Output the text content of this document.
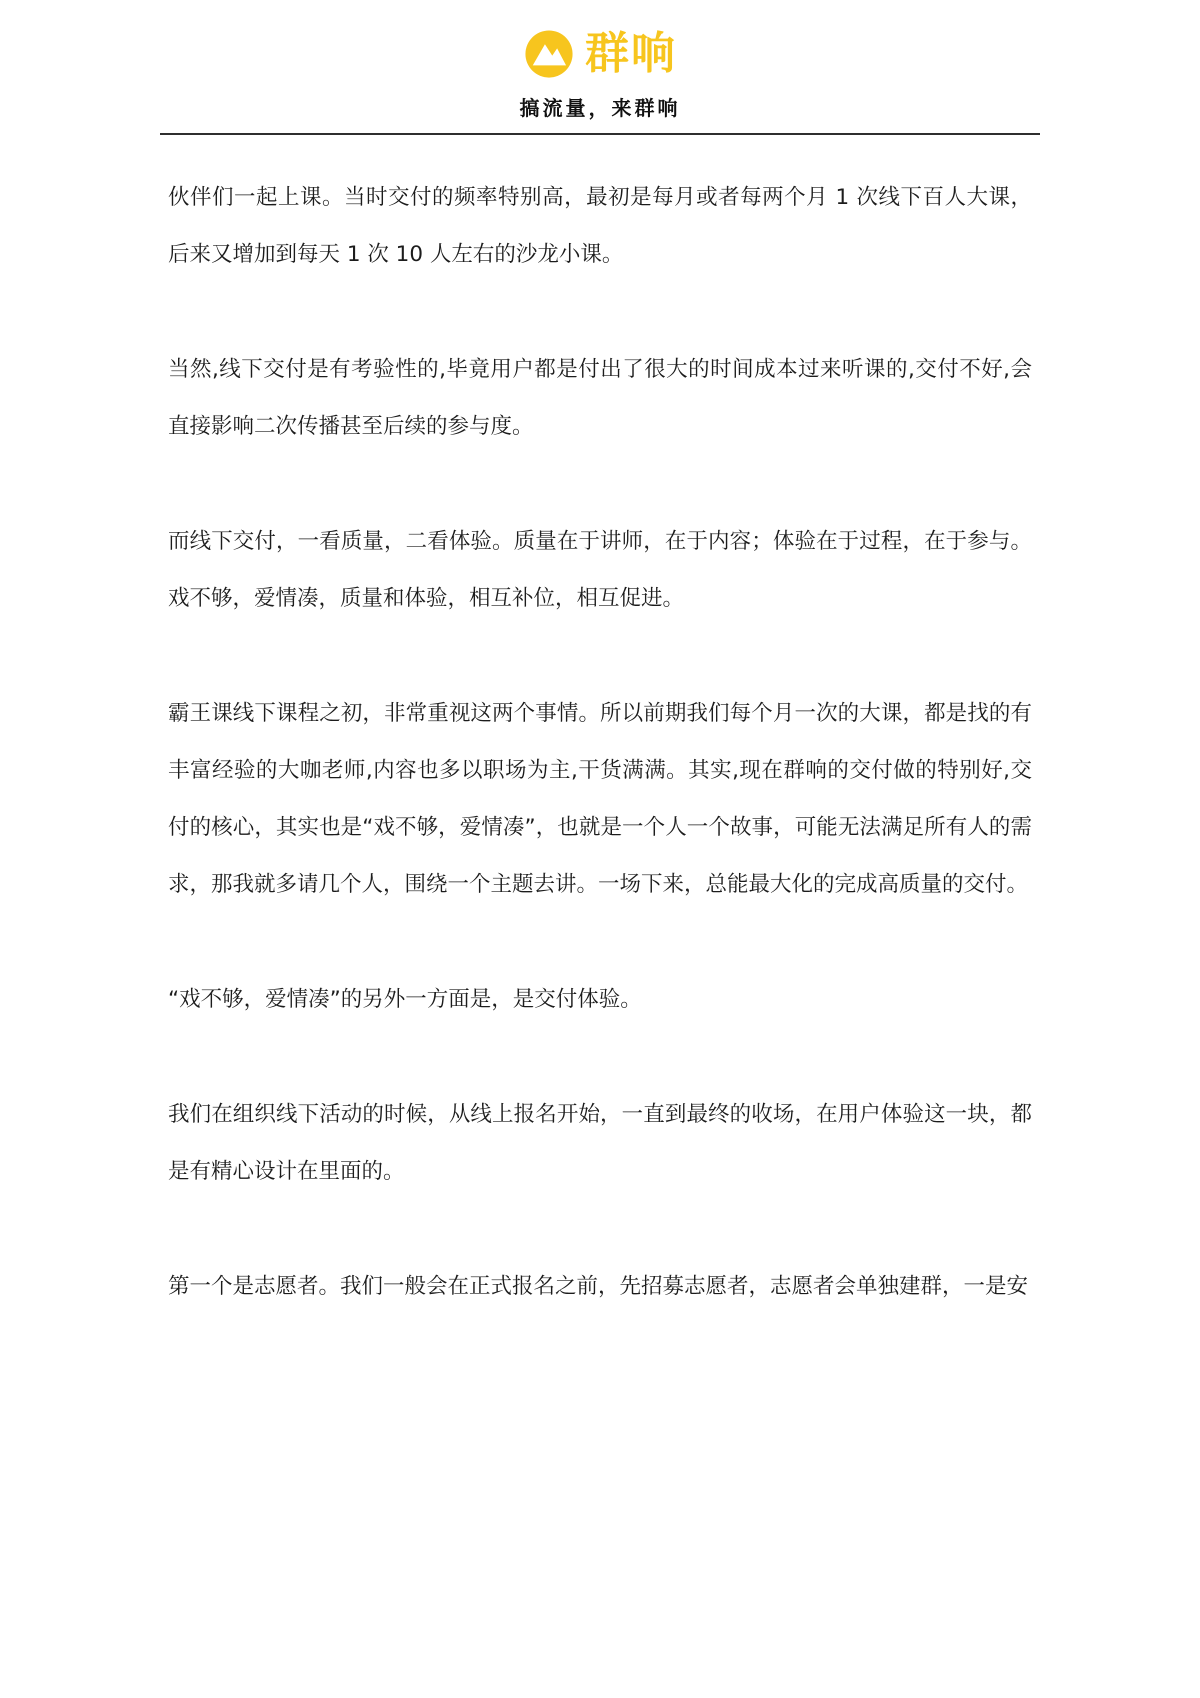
群响
搞流量，来群响

伙伴们一起上课。当时交付的频率特别高，最初是每月或者每两个月 1 次线下百人大课，后来又增加到每天 1 次 10 人左右的沙龙小课。

当然,线下交付是有考验性的,毕竟用户都是付出了很大的时间成本过来听课的,交付不好,会直接影响二次传播甚至后续的参与度。

而线下交付，一看质量，二看体验。质量在于讲师，在于内容；体验在于过程，在于参与。戏不够，爱情凑，质量和体验，相互补位，相互促进。

霸王课线下课程之初，非常重视这两个事情。所以前期我们每个月一次的大课，都是找的有丰富经验的大咖老师,内容也多以职场为主,干货满满。其实,现在群响的交付做的特别好,交付的核心，其实也是“戏不够，爱情凑”，也就是一个人一个故事，可能无法满足所有人的需求，那我就多请几个人，围绕一个主题去讲。一场下来，总能最大化的完成高质量的交付。

“戏不够，爱情凑”的另外一方面是，是交付体验。

我们在组织线下活动的时候，从线上报名开始，一直到最终的收场，在用户体验这一块，都是有精心设计在里面的。

第一个是志愿者。我们一般会在正式报名之前，先招募志愿者，志愿者会单独建群，一是安
